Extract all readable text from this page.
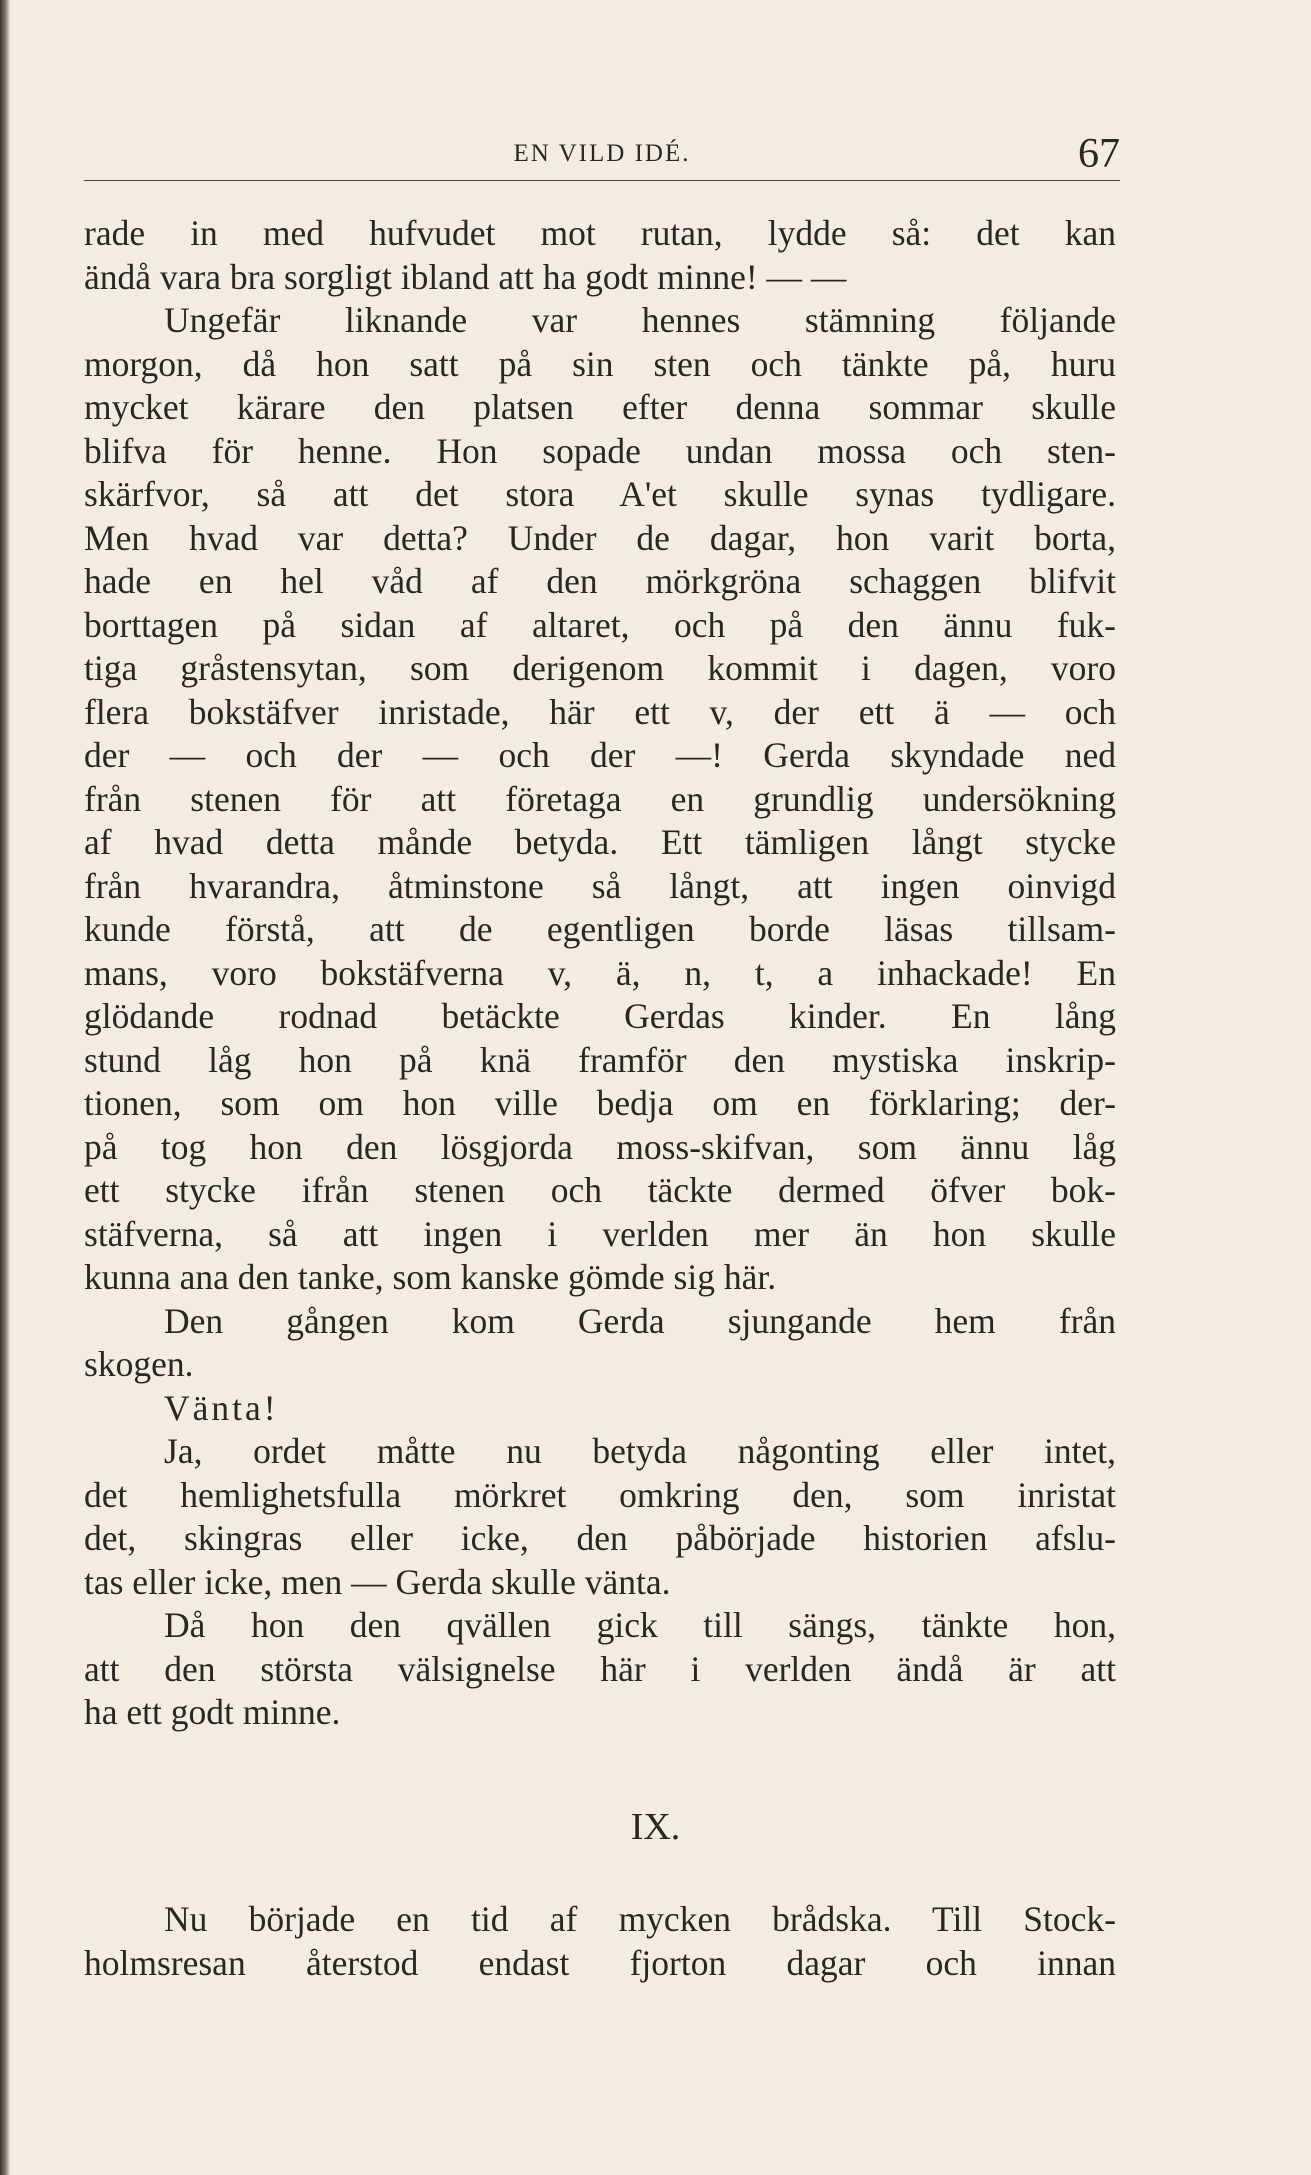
EN VILD IDÉ.	67
rade in med hufvudet mot rutan, lydde så: det kan
ändå vara bra sorgligt ibland att ha godt minne! — —
Ungefär liknande var hennes stämning följande
morgon, då hon satt på sin sten och tänkte på, huru
mycket kärare den platsen efter denna sommar skulle
blifva för henne. Hon sopade undan mossa och sten-
skärfvor, så att det stora A'et skulle synas tydligare.
Men hvad var detta? Under de dagar, hon varit borta,
hade en hel våd af den mörkgröna schaggen blifvit
borttagen på sidan af altaret, och på den ännu fuk-
tiga gråstensytan, som derigenom kommit i dagen, voro
flera bokstäfver inristade, här ett v, der ett ä — och
der — och der — och der —! Gerda skyndade ned
från stenen för att företaga en grundlig undersökning
af hvad detta månde betyda. Ett tämligen långt stycke
från hvarandra, åtminstone så långt, att ingen oinvigd
kunde förstå, att de egentligen borde läsas tillsam-
mans, voro bokstäfverna v, ä, n, t, a inhackade! En
glödande rodnad betäckte Gerdas kinder. En lång
stund låg hon på knä framför den mystiska inskrip-
tionen, som om hon ville bedja om en förklaring; der-
på tog hon den lösgjorda moss-skifvan, som ännu låg
ett stycke ifrån stenen och täckte dermed öfver bok-
stäfverna, så att ingen i verlden mer än hon skulle
kunna ana den tanke, som kanske gömde sig här.
Den gången kom Gerda sjungande hem från
skogen.
Vänta!
Ja, ordet måtte nu betyda någonting eller intet,
det hemlighetsfulla mörkret omkring den, som inristat
det, skingras eller icke, den påbörjade historien afslu-
tas eller icke, men — Gerda skulle vänta.
Då hon den qvällen gick till sängs, tänkte hon,
att den största välsignelse här i verlden ändå är att
ha ett godt minne.
IX.
Nu började en tid af mycken brådska. Till Stock-
holmsresan återstod endast fjorton dagar och innan
